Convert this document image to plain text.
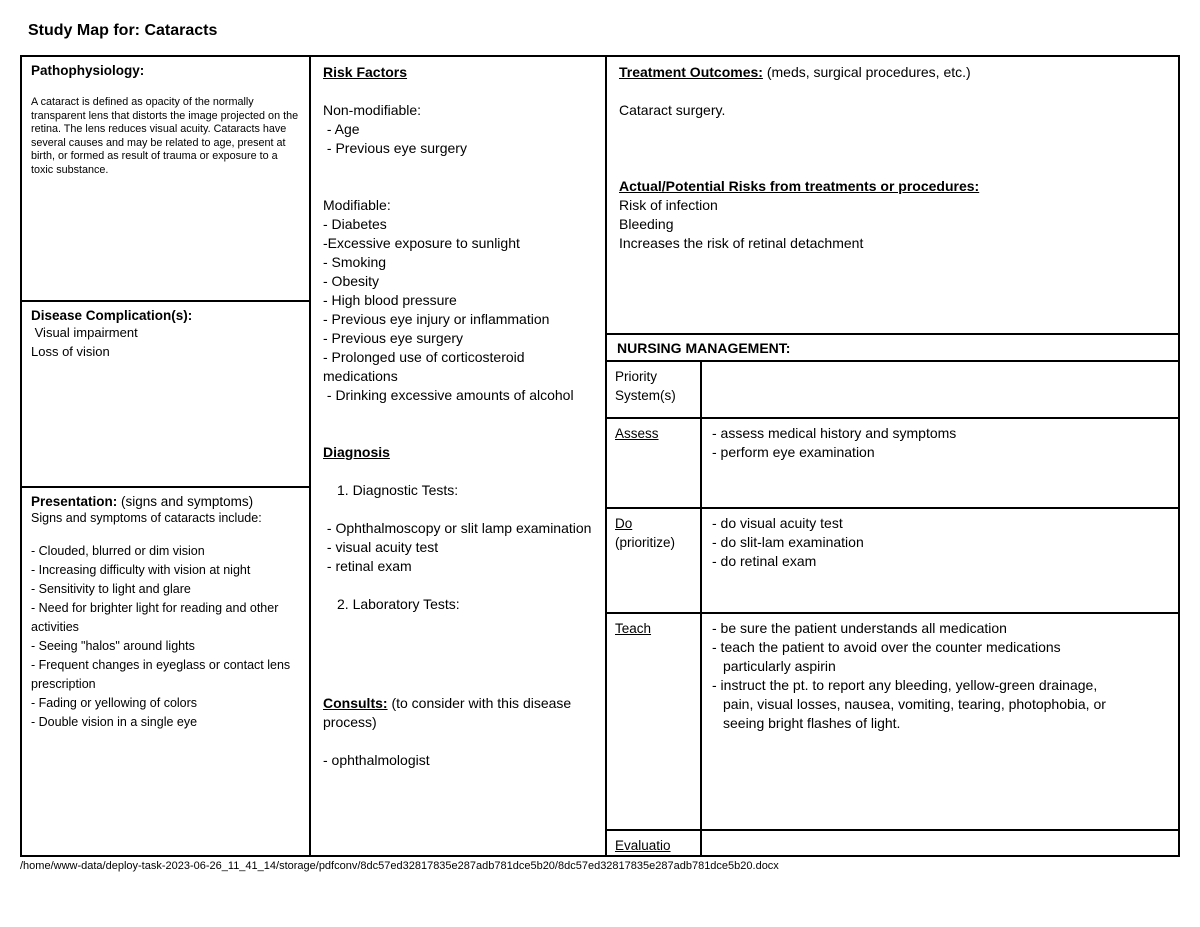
Study Map for: Cataracts
Pathophysiology:
A cataract is defined as opacity of the normally transparent lens that distorts the image projected on the retina. The lens reduces visual acuity. Cataracts have several causes and may be related to age, present at birth, or formed as result of trauma or exposure to a toxic substance.
Disease Complication(s):
Visual impairment
Loss of vision
Presentation: (signs and symptoms)
Signs and symptoms of cataracts include:
- Clouded, blurred or dim vision
- Increasing difficulty with vision at night
- Sensitivity to light and glare
- Need for brighter light for reading and other activities
- Seeing "halos" around lights
- Frequent changes in eyeglass or contact lens prescription
- Fading or yellowing of colors
- Double vision in a single eye
Risk Factors
Non-modifiable:
- Age
- Previous eye surgery
Modifiable:
- Diabetes
-Excessive exposure to sunlight
- Smoking
- Obesity
- High blood pressure
- Previous eye injury or inflammation
- Previous eye surgery
- Prolonged use of corticosteroid medications
- Drinking excessive amounts of alcohol
Diagnosis
1. Diagnostic Tests:
- Ophthalmoscopy or slit lamp examination
- visual acuity test
- retinal exam
2. Laboratory Tests:
Consults: (to consider with this disease process)
- ophthalmologist
Treatment Outcomes: (meds, surgical procedures, etc.)
Cataract surgery.
Actual/Potential Risks from treatments or procedures:
Risk of infection
Bleeding
Increases the risk of retinal detachment
NURSING MANAGEMENT:
Priority System(s)
Assess	- assess medical history and symptoms
- perform eye examination
Do
(prioritize)
- do visual acuity test
- do slit-lam examination
- do retinal exam
Teach	- be sure the patient understands all medication
- teach the patient to avoid over the counter medications particularly aspirin
- instruct the pt. to report any bleeding, yellow-green drainage, pain, visual losses, nausea, vomiting, tearing, photophobia, or seeing bright flashes of light.
Evaluatio
/home/www-data/deploy-task-2023-06-26_11_41_14/storage/pdfconv/8dc57ed32817835e287adb781dce5b20/8dc57ed32817835e287adb781dce5b20.docx
